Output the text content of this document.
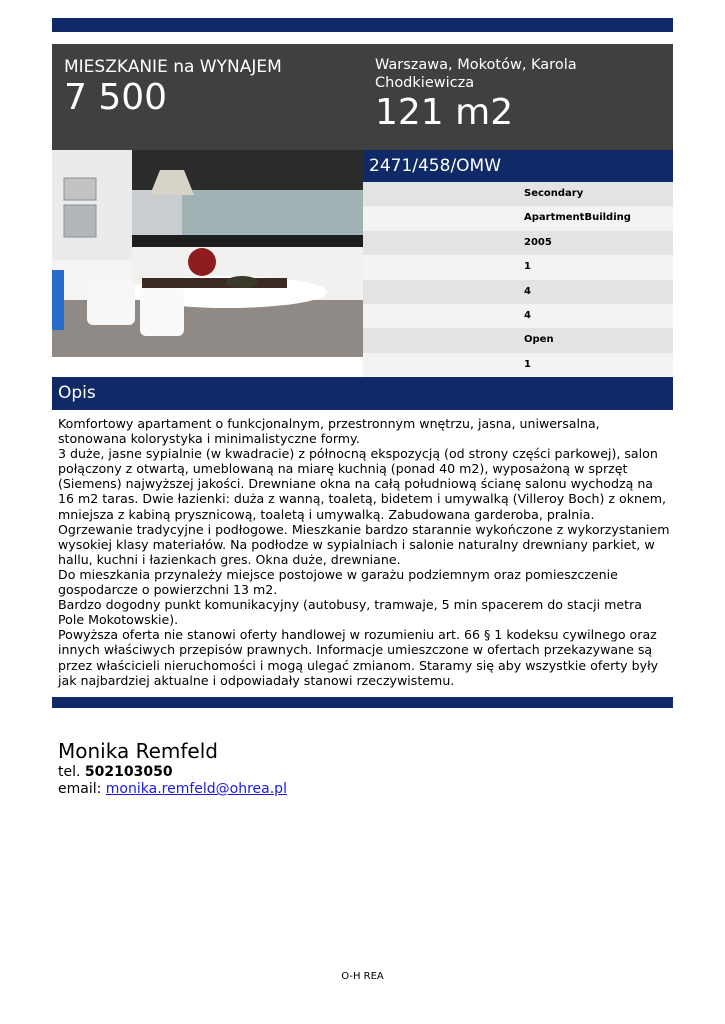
MIESZKANIE na WYNAJEM
7 500
Warszawa, Mokotów, Karola Chodkiewicza
121 m2
2471/458/OMW
Secondary
ApartmentBuilding
2005
1
4
4
Open
1
Opis

Komfortowy apartament o funkcjonalnym, przestronnym wnętrzu, jasna, uniwersalna, stonowana kolorystyka i minimalistyczne formy.

3 duże, jasne sypialnie (w kwadracie) z północną ekspozycją (od strony części parkowej), salon połączony z otwartą, umeblowaną na miarę kuchnią (ponad 40 m2), wyposażoną w sprzęt (Siemens) najwyższej jakości. Drewniane okna na całą południową ścianę salonu wychodzą na 16 m2 taras. Dwie łazienki: duża z wanną, toaletą, bidetem i umywalką (Villeroy Boch) z oknem, mniejsza z kabiną prysznicową, toaletą i umywalką. Zabudowana garderoba, pralnia. Ogrzewanie tradycyjne i podłogowe. Mieszkanie bardzo starannie wykończone z wykorzystaniem wysokiej klasy materiałów. Na podłodze w sypialniach i salonie naturalny drewniany parkiet, w hallu, kuchni i łazienkach gres. Okna duże, drewniane.

Do mieszkania przynależy miejsce postojowe w garażu podziemnym oraz pomieszczenie gospodarcze o powierzchni 13 m2.

Bardzo dogodny punkt komunikacyjny (autobusy, tramwaje, 5 min spacerem do stacji metra Pole Mokotowskie).

Powyższa oferta nie stanowi oferty handlowej w rozumieniu art. 66 § 1 kodeksu cywilnego oraz innych właściwych przepisów prawnych. Informacje umieszczone w ofertach przekazywane są przez właścicieli nieruchomości i mogą ulegać zmianom. Staramy się aby wszystkie oferty były jak najbardziej aktualne i odpowiadały stanowi rzeczywistemu.

Monika Remfeld
tel. 502103050
email: monika.remfeld@ohrea.pl
O-H REA
